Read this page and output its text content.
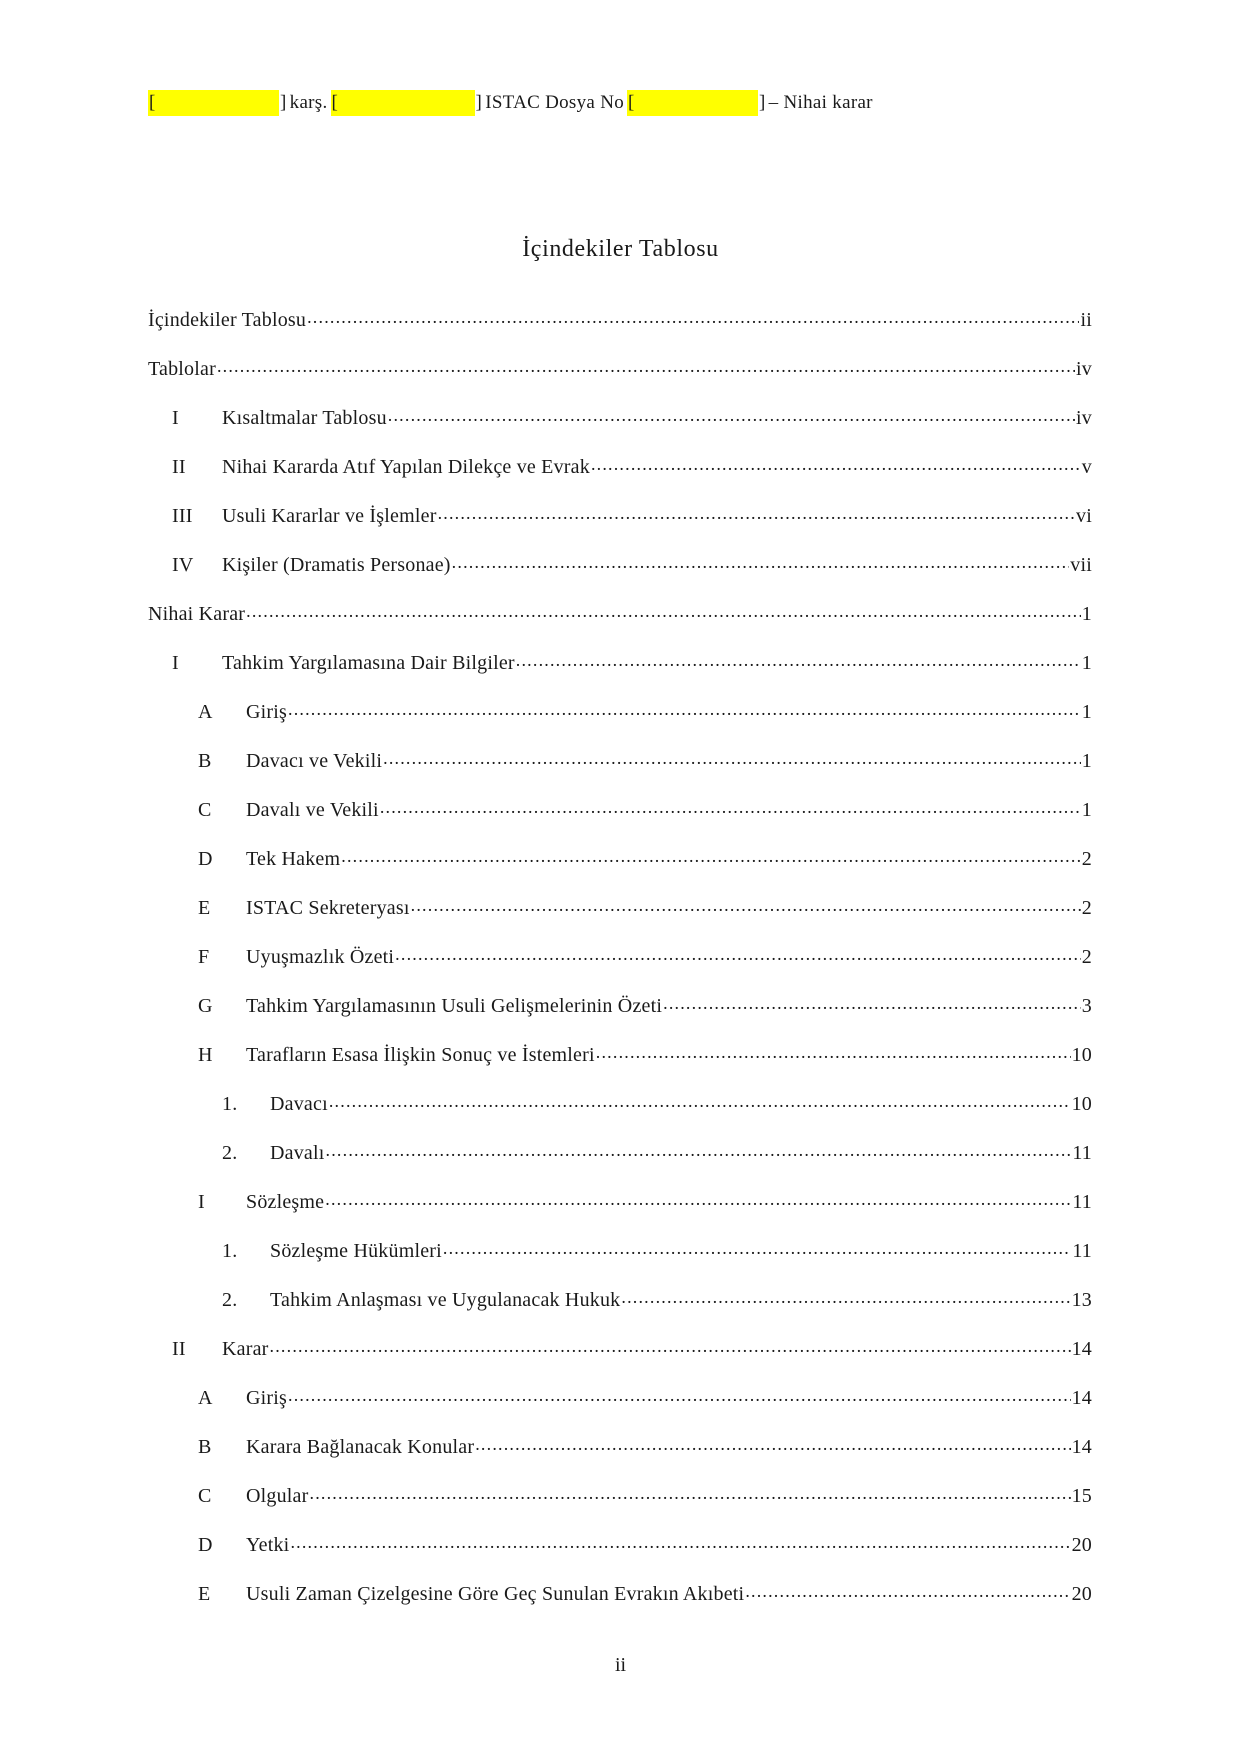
[	] karş. [	] ISTAC Dosya No [	] – Nihai karar
İçindekiler Tablosu
İçindekiler Tablosu .....	ii
Tablolar .....	iv
I	Kısaltmalar Tablosu .....	iv
II	Nihai Kararda Atıf Yapılan Dilekçe ve Evrak .....	v
III	Usuli Kararlar ve İşlemler .....	vi
IV	Kişiler (Dramatis Personae) .....	vii
Nihai Karar .....	1
I	Tahkim Yargılamasına Dair Bilgiler .....	1
A	Giriş .....	1
B	Davacı ve Vekili .....	1
C	Davalı ve Vekili .....	1
D	Tek Hakem .....	2
E	ISTAC Sekreteryası .....	2
F	Uyuşmazlık Özeti .....	2
G	Tahkim Yargılamasının Usuli Gelişmelerinin Özeti .....	3
H	Tarafların Esasa İlişkin Sonuç ve İstemleri .....	10
1.	Davacı .....	10
2.	Davalı .....	11
I	Sözleşme .....	11
1.	Sözleşme Hükümleri .....	11
2.	Tahkim Anlaşması ve Uygulanacak Hukuk .....	13
II	Karar .....	14
A	Giriş .....	14
B	Karara Bağlanacak Konular .....	14
C	Olgular .....	15
D	Yetki .....	20
E	Usuli Zaman Çizelgesine Göre Geç Sunulan Evrakın Akıbeti .....	20
ii
